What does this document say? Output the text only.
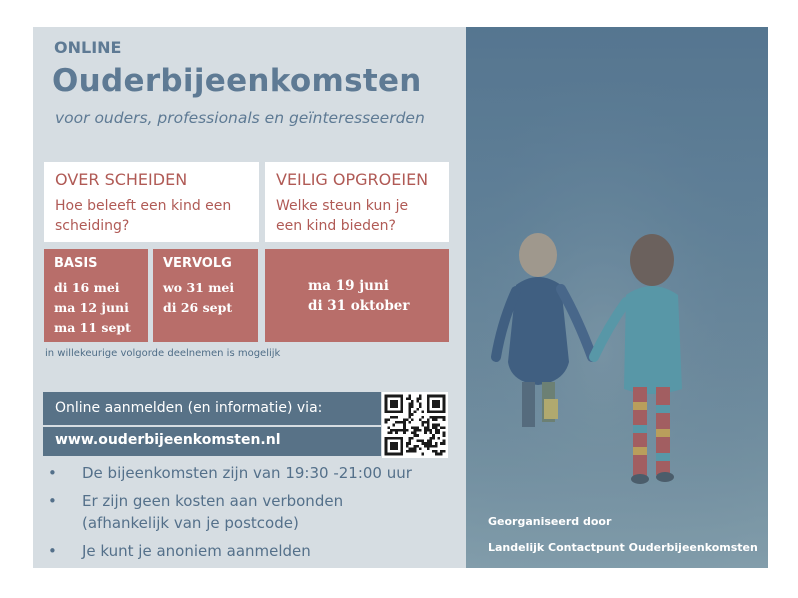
ONLINE
Ouderbijeenkomsten
voor ouders, professionals en geïnteresseerden
OVER SCHEIDEN
Hoe beleeft een kind een
scheiding?
VEILIG OPGROEIEN
Welke steun kun je
een kind bieden?
BASIS
di 16 mei
ma 12 juni
ma 11 sept
VERVOLG
wo 31 mei
di 26 sept
ma 19 juni
di 31 oktober
in willekeurige volgorde deelnemen is mogelijk
Online aanmelden (en informatie) via:
www.ouderbijeenkomsten.nl
• De bijeenkomsten zijn van 19:30 -21:00 uur
• Er zijn geen kosten aan verbonden
(afhankelijk van je postcode)
• Je kunt je anoniem aanmelden
Georganiseerd door
Landelijk Contactpunt Ouderbijeenkomsten
